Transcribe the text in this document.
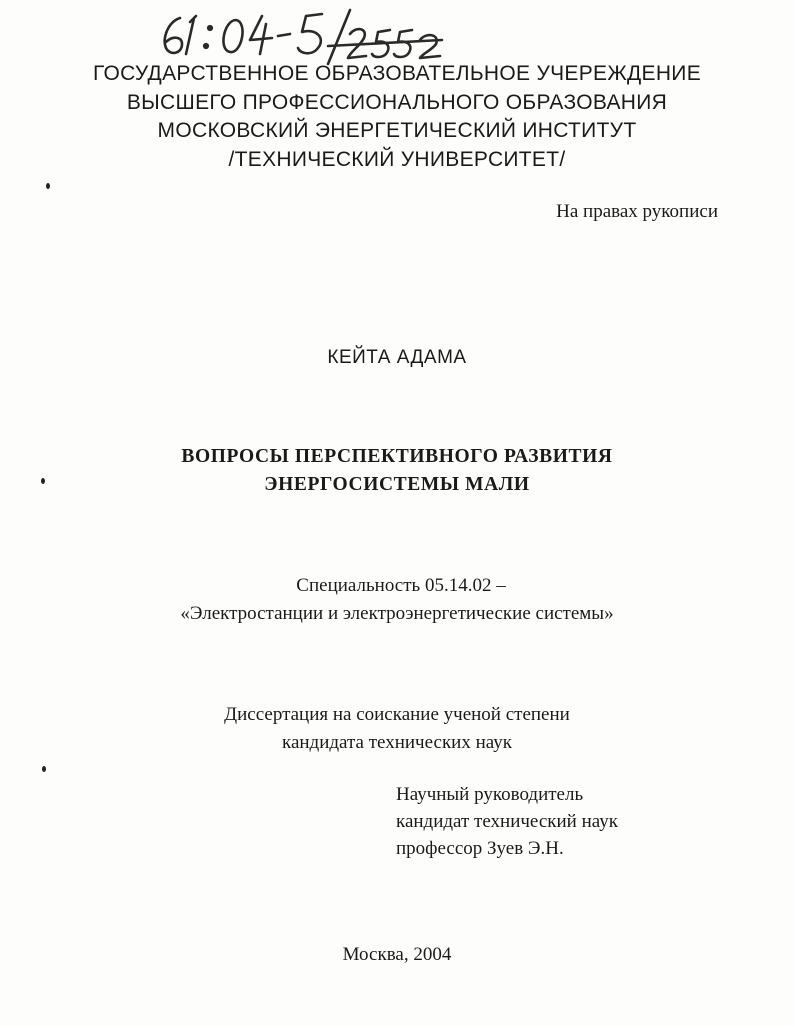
ГОСУДАРСТВЕННОЕ ОБРАЗОВАТЕЛЬНОЕ УЧЕРЕЖДЕНИЕ
ВЫСШЕГО ПРОФЕССИОНАЛЬНОГО ОБРАЗОВАНИЯ
МОСКОВСКИЙ ЭНЕРГЕТИЧЕСКИЙ ИНСТИТУТ
/ТЕХНИЧЕСКИЙ УНИВЕРСИТЕТ/
На правах рукописи
КЕЙТА АДАМА
ВОПРОСЫ ПЕРСПЕКТИВНОГО РАЗВИТИЯ
ЭНЕРГОСИСТЕМЫ МАЛИ
Специальность 05.14.02 –
«Электростанции и электроэнергетические системы»
Диссертация на соискание ученой степени
кандидата технических наук
Научный руководитель
кандидат технический наук
профессор Зуев Э.Н.
Москва, 2004
